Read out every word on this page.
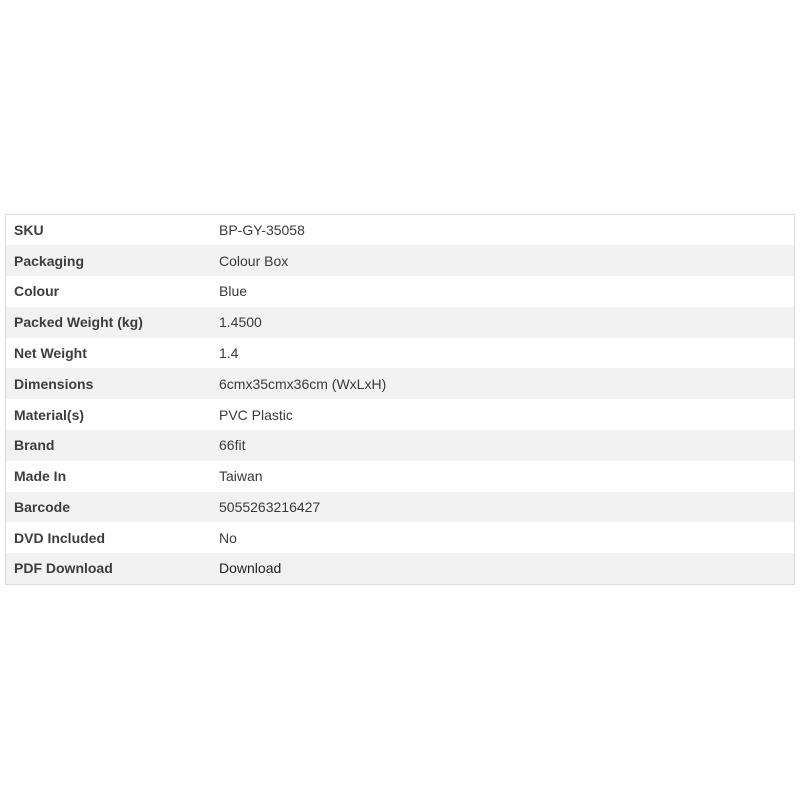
SKU	BP-GY-35058
Packaging	Colour Box
Colour	Blue
Packed Weight (kg)	1.4500
Net Weight	1.4
Dimensions	6cmx35cmx36cm (WxLxH)
Material(s)	PVC Plastic
Brand	66fit
Made In	Taiwan
Barcode	5055263216427
DVD Included	No
PDF Download	Download
